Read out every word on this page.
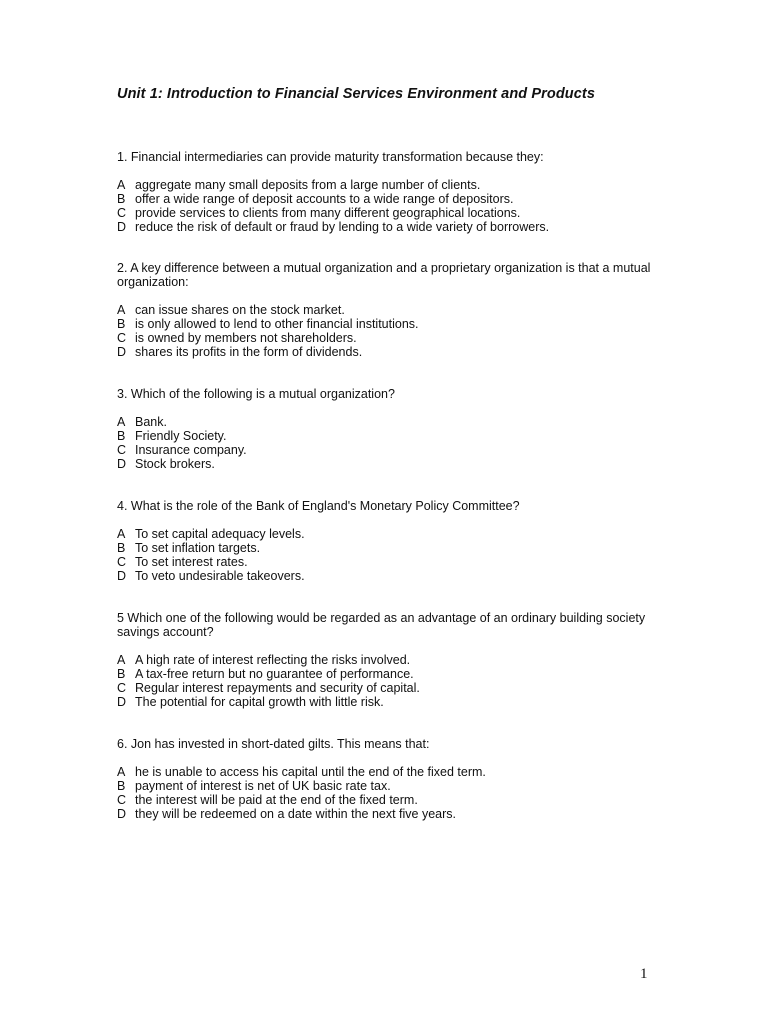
Unit 1: Introduction to Financial Services Environment and Products

1. Financial intermediaries can provide maturity transformation because they:

A aggregate many small deposits from a large number of clients.
B offer a wide range of deposit accounts to a wide range of depositors.
C provide services to clients from many different geographical locations.
D reduce the risk of default or fraud by lending to a wide variety of borrowers.

2. A key difference between a mutual organization and a proprietary organization is that a mutual organization:

A can issue shares on the stock market.
B is only allowed to lend to other financial institutions.
C is owned by members not shareholders.
D shares its profits in the form of dividends.

3. Which of the following is a mutual organization?

A Bank.
B Friendly Society.
C Insurance company.
D Stock brokers.

4. What is the role of the Bank of England's Monetary Policy Committee?

A To set capital adequacy levels.
B To set inflation targets.
C To set interest rates.
D To veto undesirable takeovers.

5 Which one of the following would be regarded as an advantage of an ordinary building society savings account?

A A high rate of interest reflecting the risks involved.
B A tax-free return but no guarantee of performance.
C Regular interest repayments and security of capital.
D The potential for capital growth with little risk.

6. Jon has invested in short-dated gilts. This means that:

A he is unable to access his capital until the end of the fixed term.
B payment of interest is net of UK basic rate tax.
C the interest will be paid at the end of the fixed term.
D they will be redeemed on a date within the next five years.
1
